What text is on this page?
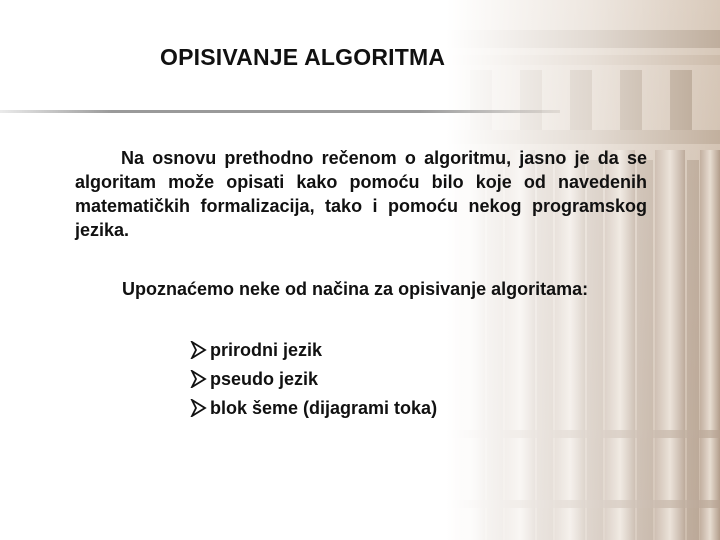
OPISIVANJE ALGORITMA

Na osnovu prethodno rečenom o algoritmu, jasno je da se algoritam može opisati kako pomoću bilo koje od navedenih matematičkih formalizacija, tako i pomoću nekog programskog jezika.

Upoznaćemo neke od načina za opisivanje algoritama:
prirodni jezik
pseudo jezik
blok šeme (dijagrami toka)
